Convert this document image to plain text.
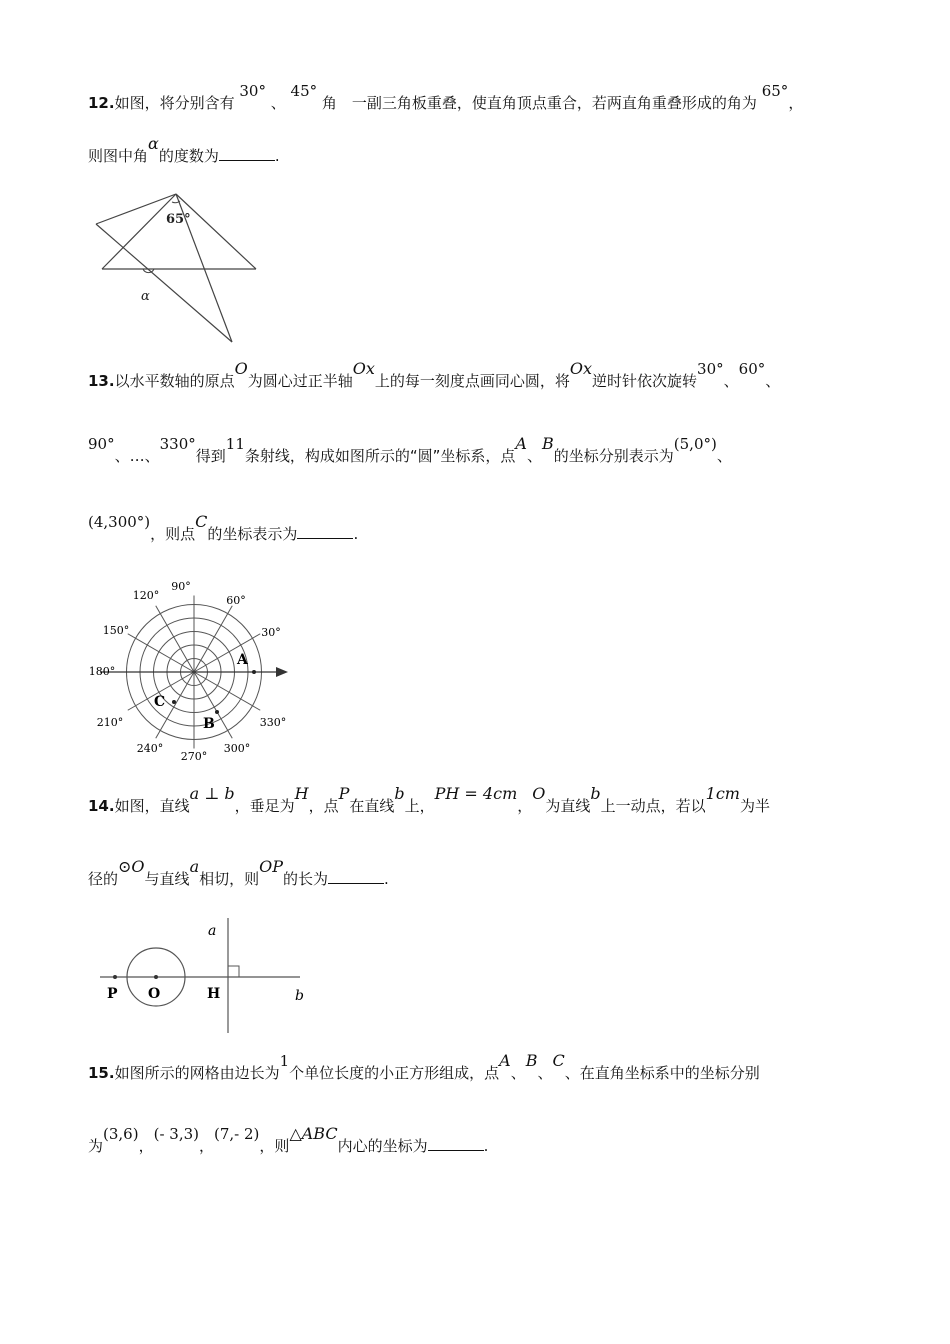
12.如图，将分别含有 30° 、 45° 角　一副三角板重叠，使直角顶点重合，若两直角重叠形成的角为 65°，
则图中角α的度数为	.
65°
α
13.以水平数轴的原点O为圆心过正半轴Ox上的每一刻度点画同心圆，将Ox逆时针依次旋转30°、60°、
90°、…、330°得到11条射线，构成如图所示的“圆”坐标系，点A、B的坐标分别表示为(5,0°)、
(4,300°)，则点C的坐标表示为	.
90°
60°
30°
120°
150°
180°
210°
240°
270°
300°
330°
A
B
C
14.如图，直线a ⊥ b，垂足为H，点P在直线b上，PH = 4cm，O为直线b上一动点，若以1cm为半
径的⊙O与直线a相切，则OP的长为	.
a
b
P O	H
15.如图所示的网格由边长为1个单位长度的小正方形组成，点A、B、C、在直角坐标系中的坐标分别
为(3,6)，(- 3,3)，(7,- 2)，则△ABC内心的坐标为	.
